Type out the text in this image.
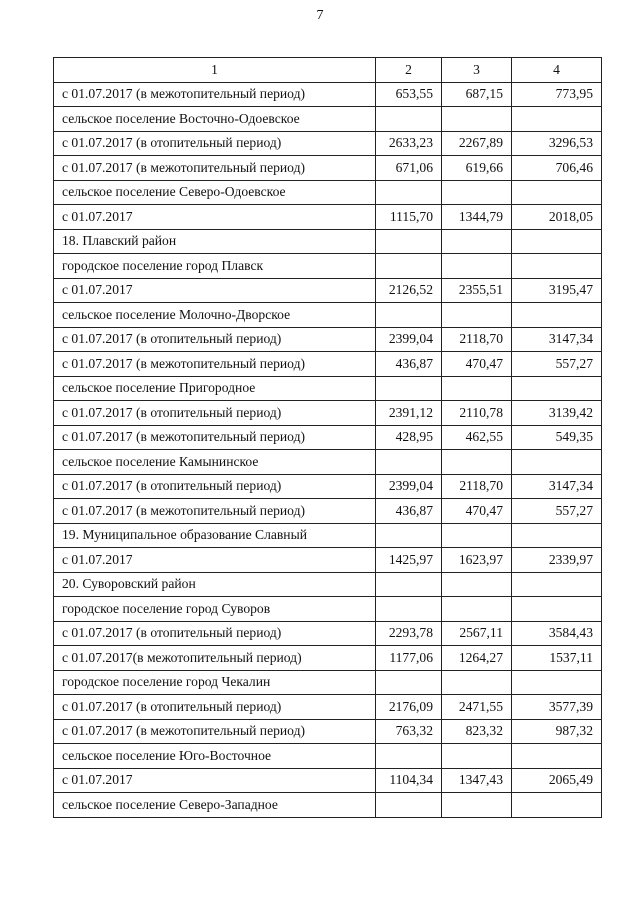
7
1	2	3	4
с 01.07.2017 (в межотопительный период)	653,55	687,15	773,95
сельское поселение Восточно-Одоевское			
с 01.07.2017 (в отопительный период)	2633,23	2267,89	3296,53
с 01.07.2017 (в межотопительный период)	671,06	619,66	706,46
сельское поселение Северо-Одоевское			
с 01.07.2017	1115,70	1344,79	2018,05
18. Плавский район			
городское поселение город Плавск			
с 01.07.2017	2126,52	2355,51	3195,47
сельское поселение Молочно-Дворское			
с 01.07.2017 (в отопительный период)	2399,04	2118,70	3147,34
с 01.07.2017 (в межотопительный период)	436,87	470,47	557,27
сельское поселение Пригородное			
с 01.07.2017 (в отопительный период)	2391,12	2110,78	3139,42
с 01.07.2017 (в межотопительный период)	428,95	462,55	549,35
сельское поселение Камынинское			
с 01.07.2017 (в отопительный период)	2399,04	2118,70	3147,34
с 01.07.2017 (в межотопительный период)	436,87	470,47	557,27
19. Муниципальное образование Славный			
с 01.07.2017	1425,97	1623,97	2339,97
20. Суворовский район			
городское поселение город Суворов			
с 01.07.2017 (в отопительный период)	2293,78	2567,11	3584,43
с 01.07.2017(в межотопительный период)	1177,06	1264,27	1537,11
городское поселение город Чекалин			
с 01.07.2017 (в отопительный период)	2176,09	2471,55	3577,39
с 01.07.2017 (в межотопительный период)	763,32	823,32	987,32
сельское поселение Юго-Восточное			
с 01.07.2017	1104,34	1347,43	2065,49
сельское поселение Северо-Западное			
